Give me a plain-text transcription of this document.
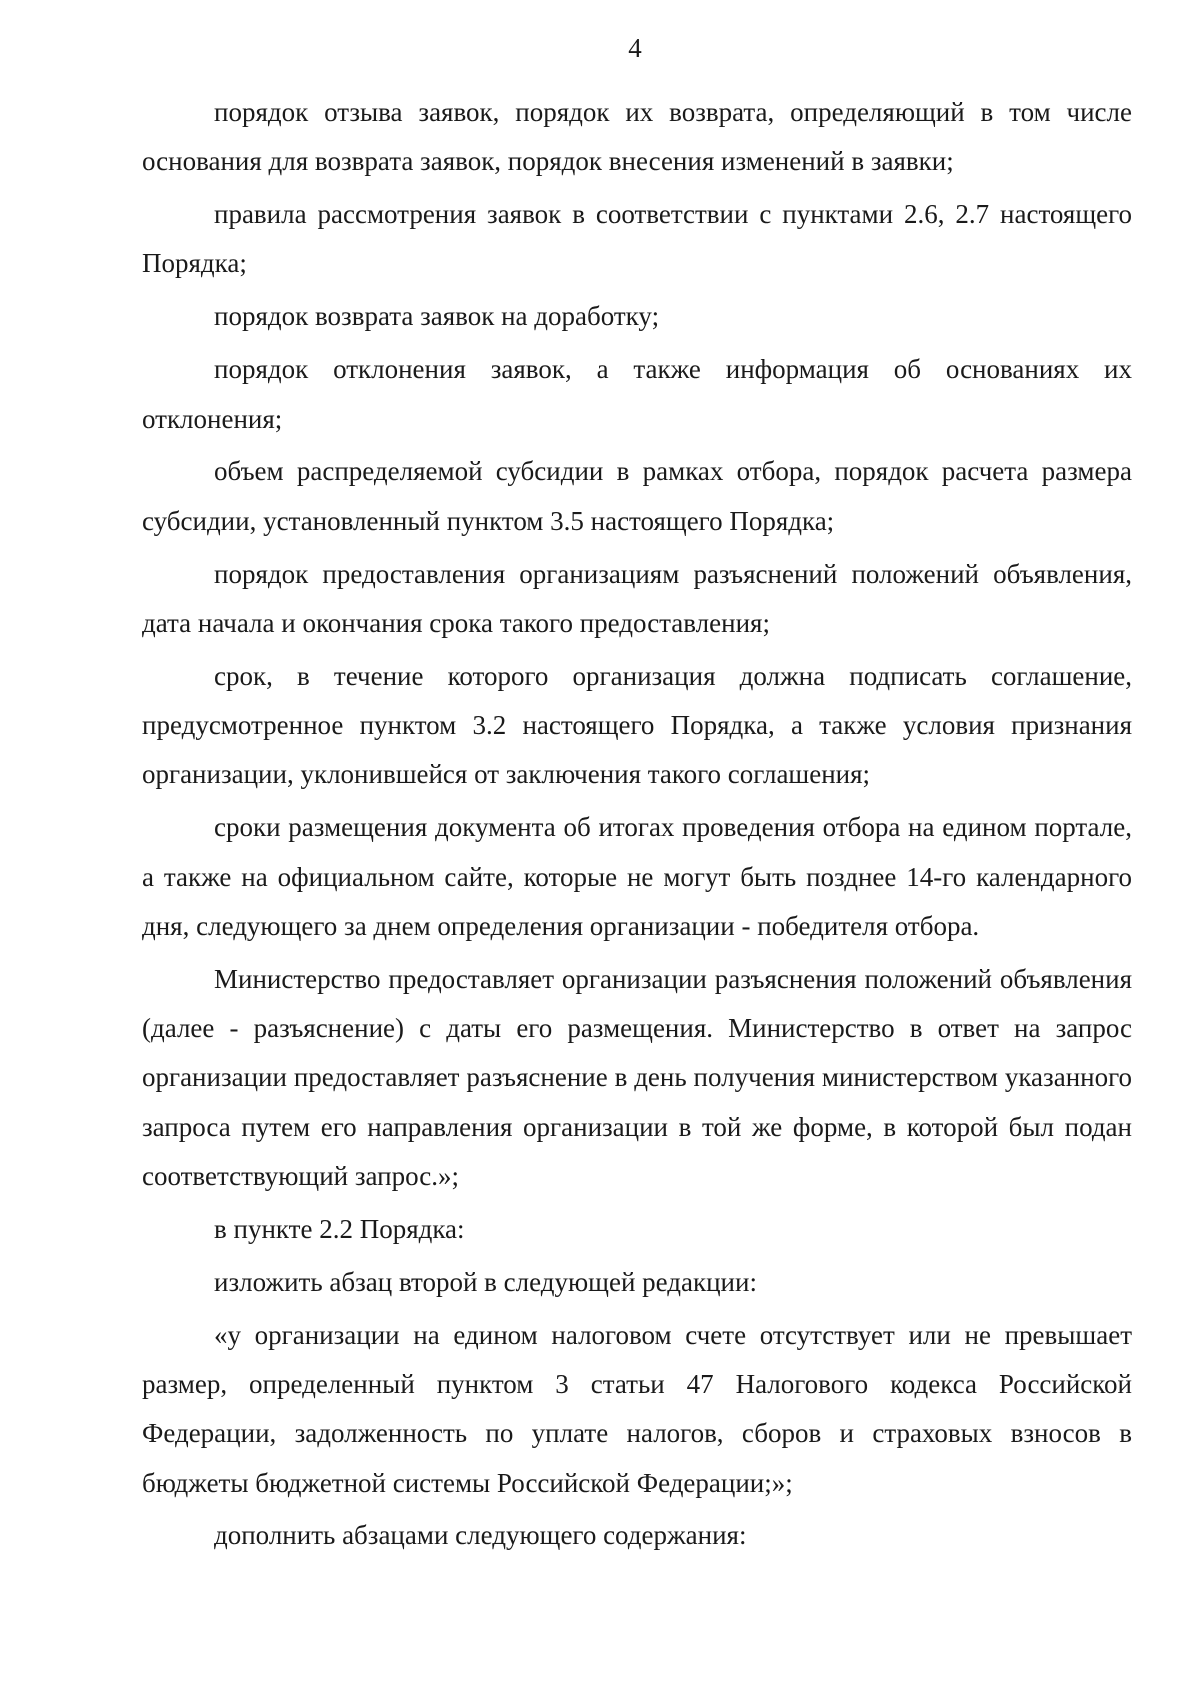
4

порядок отзыва заявок, порядок их возврата, определяющий в том числе основания для возврата заявок, порядок внесения изменений в заявки;

правила рассмотрения заявок в соответствии с пунктами 2.6, 2.7 настоящего Порядка;

порядок возврата заявок на доработку;

порядок отклонения заявок, а также информация об основаниях их отклонения;

объем распределяемой субсидии в рамках отбора, порядок расчета размера субсидии, установленный пунктом 3.5 настоящего Порядка;

порядок предоставления организациям разъяснений положений объявления, дата начала и окончания срока такого предоставления;

срок, в течение которого организация должна подписать соглашение, предусмотренное пунктом 3.2 настоящего Порядка, а также условия признания организации, уклонившейся от заключения такого соглашения;

сроки размещения документа об итогах проведения отбора на едином портале, а также на официальном сайте, которые не могут быть позднее 14-го календарного дня, следующего за днем определения организации - победителя отбора.

Министерство предоставляет организации разъяснения положений объявления (далее - разъяснение) с даты его размещения. Министерство в ответ на запрос организации предоставляет разъяснение в день получения министерством указанного запроса путем его направления организации в той же форме, в которой был подан соответствующий запрос.»;

в пункте 2.2 Порядка:

изложить абзац второй в следующей редакции:

«у организации на едином налоговом счете отсутствует или не превышает размер, определенный пунктом 3 статьи 47 Налогового кодекса Российской Федерации, задолженность по уплате налогов, сборов и страховых взносов в бюджеты бюджетной системы Российской Федерации;»;

дополнить абзацами следующего содержания:
